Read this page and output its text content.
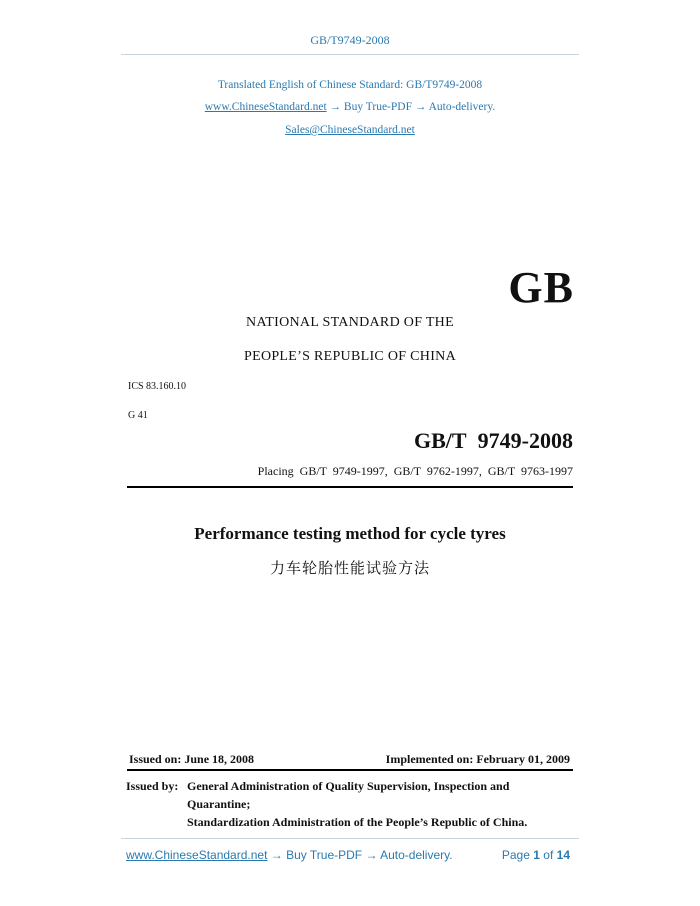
GB/T9749-2008
Translated English of Chinese Standard: GB/T9749-2008
www.ChineseStandard.net → Buy True-PDF → Auto-delivery.
Sales@ChineseStandard.net
GB
NATIONAL STANDARD OF THE
PEOPLE’S REPUBLIC OF CHINA
ICS 83.160.10
G 41
GB/T 9749-2008
Placing GB/T 9749-1997, GB/T 9762-1997, GB/T 9763-1997
Performance testing method for cycle tyres
力车轮胎性能试验方法
Issued on: June 18, 2008	Implemented on: February 01, 2009
Issued by: General Administration of Quality Supervision, Inspection and
Quarantine;
Standardization Administration of the People’s Republic of China.
www.ChineseStandard.net → Buy True-PDF → Auto-delivery.	Page 1 of 14
